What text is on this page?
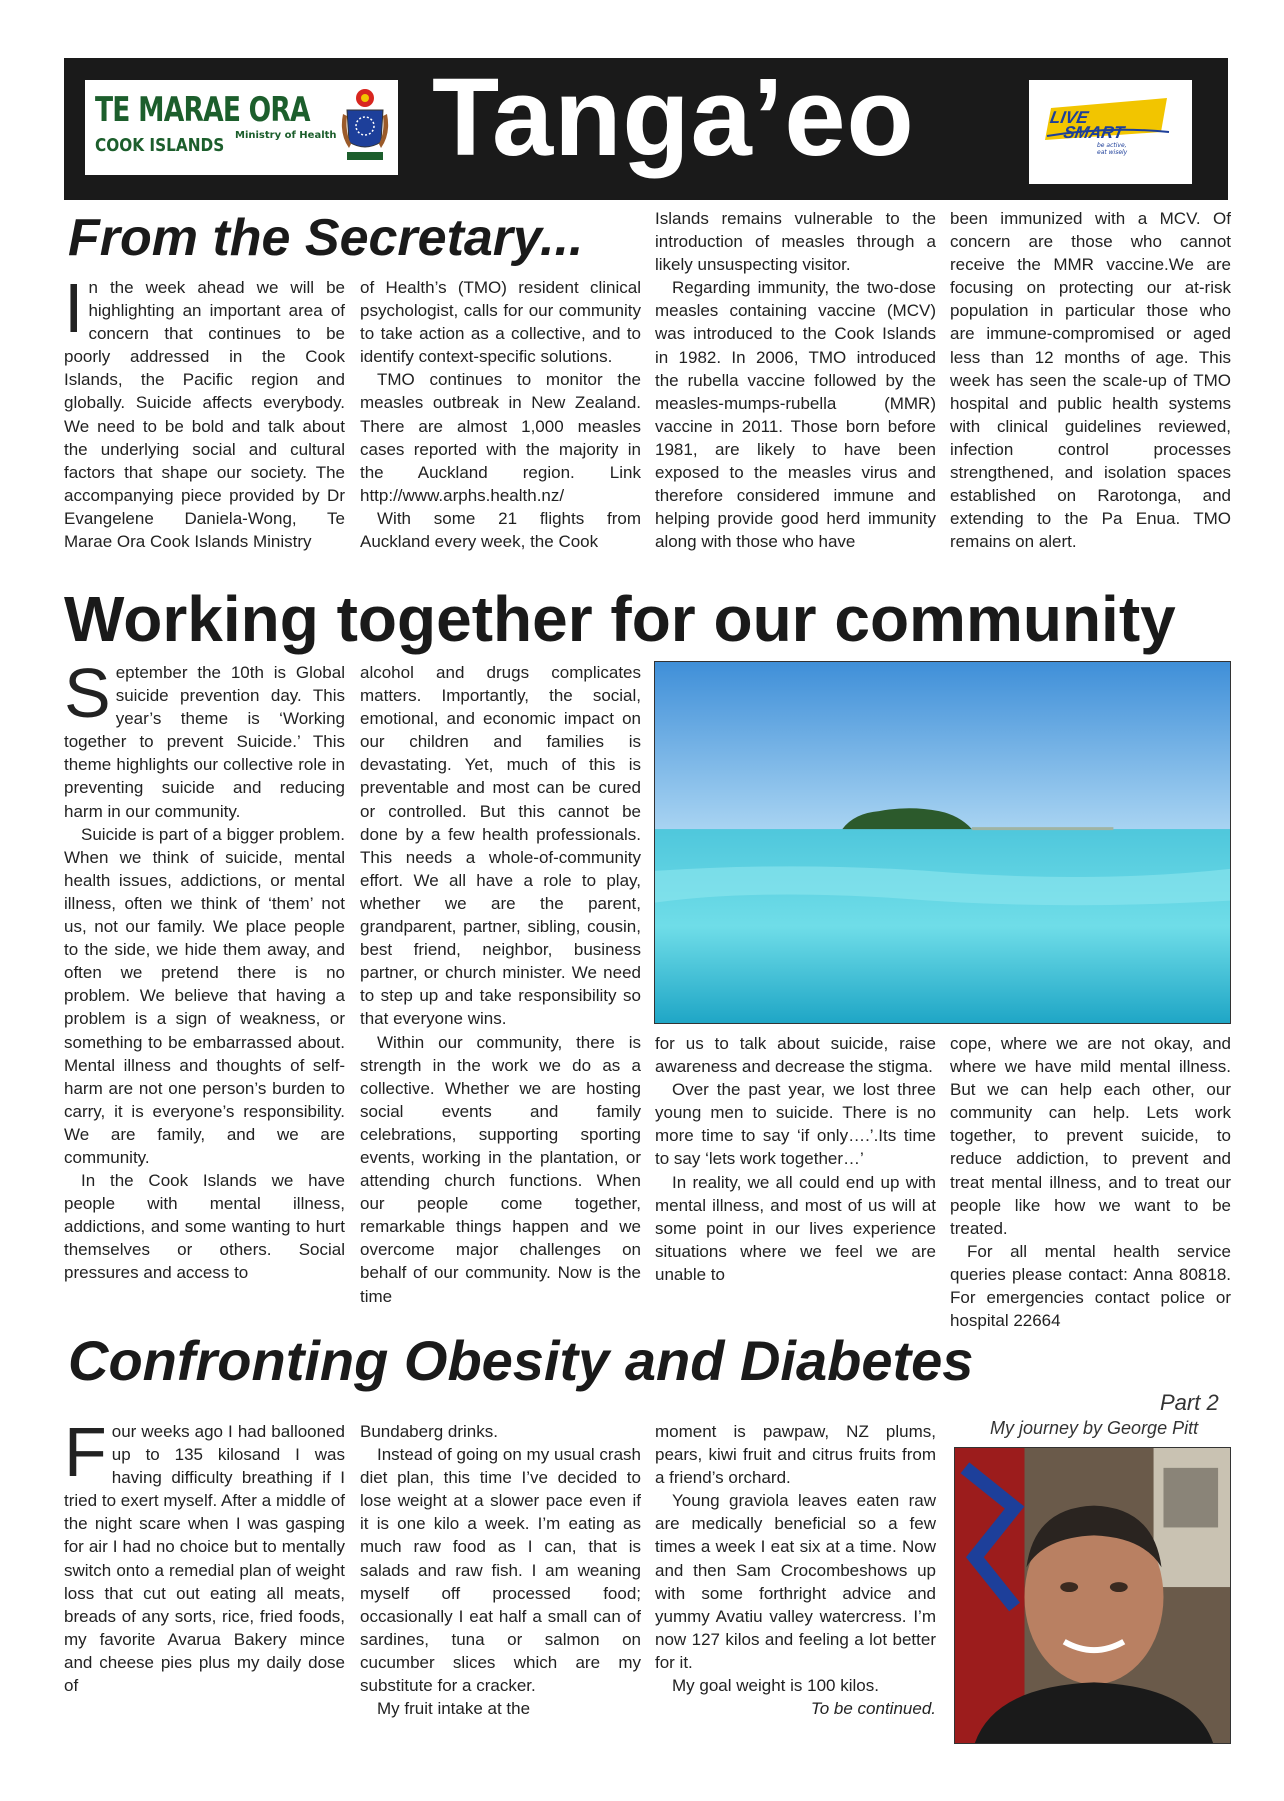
TE MARAE ORA
COOK ISLANDS Ministry of Health Tanga’eo	LIVE
SMART
be active,
eat wisely
From the Secretary...
I n the week ahead we will be highlighting an important area of concern that continues to be poorly addressed in the Cook Islands, the Pacific region and globally. Suicide affects everybody. We need to be bold and talk about the underlying social and cultural factors that shape our society. The accompanying piece provided by Dr Evangelene Daniela-Wong, Te Marae Ora Cook Islands Ministry

of Health’s (TMO) resident clinical psychologist, calls for our community to take action as a collective, and to identify context-specific solutions.

TMO continues to monitor the measles outbreak in New Zealand. There are almost 1,000 measles cases reported with the majority in the Auckland region. Link http://www.arphs.health.nz/

With some 21 flights from Auckland every week, the Cook

Islands remains vulnerable to the introduction of measles through a likely unsuspecting visitor.

Regarding immunity, the two-dose measles containing vaccine (MCV) was introduced to the Cook Islands in 1982. In 2006, TMO introduced the rubella vaccine followed by the measles-mumps-rubella (MMR) vaccine in 2011. Those born before 1981, are likely to have been exposed to the measles virus and therefore considered immune and helping provide good herd immunity along with those who have

been immunized with a MCV. Of concern are those who cannot receive the MMR vaccine.We are focusing on protecting our at-risk population in particular those who are immune-compromised or aged less than 12 months of age. This week has seen the scale-up of TMO hospital and public health systems with clinical guidelines reviewed, infection control processes strengthened, and isolation spaces established on Rarotonga, and extending to the Pa Enua. TMO remains on alert.

Working together for our community
S eptember the 10th is Global suicide prevention day. This year’s theme is ‘Working together to prevent Suicide.’ This theme highlights our collective role in preventing suicide and reducing harm in our community.

Suicide is part of a bigger problem. When we think of suicide, mental health issues, addictions, or mental illness, often we think of ‘them’ not us, not our family. We place people to the side, we hide them away, and often we pretend there is no problem. We believe that having a problem is a sign of weakness, or something to be embarrassed about. Mental illness and thoughts of self-harm are not one person’s burden to carry, it is everyone’s responsibility. We are family, and we are community.

In the Cook Islands we have people with mental illness, addictions, and some wanting to hurt themselves or others. Social pressures and access to

alcohol and drugs complicates matters. Importantly, the social, emotional, and economic impact on our children and families is devastating. Yet, much of this is preventable and most can be cured or controlled. But this cannot be done by a few health professionals. This needs a whole-of-community effort. We all have a role to play, whether we are the parent, grandparent, partner, sibling, cousin, best friend, neighbor, business partner, or church minister. We need to step up and take responsibility so that everyone wins.

Within our community, there is strength in the work we do as a collective. Whether we are hosting social events and family celebrations, supporting sporting events, working in the plantation, or attending church functions. When our people come together, remarkable things happen and we overcome major challenges on behalf of our community. Now is the time

for us to talk about suicide, raise awareness and decrease the stigma.

Over the past year, we lost three young men to suicide. There is no more time to say ‘if only….’.Its time to say ‘lets work together…’

In reality, we all could end up with mental illness, and most of us will at some point in our lives experience situations where we feel we are unable to

cope, where we are not okay, and where we have mild mental illness. But we can help each other, our community can help. Lets work together, to prevent suicide, to reduce addiction, to prevent and treat mental illness, and to treat our people like how we want to be treated.

For all mental health service queries please contact: Anna 80818. For emergencies contact police or hospital 22664

Confronting Obesity and Diabetes
Part 2
My journey by George Pitt
F our weeks ago I had ballooned up to 135 kilosand I was having difficulty breathing if I tried to exert myself. After a middle of the night scare when I was gasping for air I had no choice but to mentally switch onto a remedial plan of weight loss that cut out eating all meats, breads of any sorts, rice, fried foods, my favorite Avarua Bakery mince and cheese pies plus my daily dose of

Bundaberg drinks.

Instead of going on my usual crash diet plan, this time I’ve decided to lose weight at a slower pace even if it is one kilo a week. I’m eating as much raw food as I can, that is salads and raw fish. I am weaning myself off processed food; occasionally I eat half a small can of sardines, tuna or salmon on cucumber slices which are my substitute for a cracker.

My fruit intake at the

moment is pawpaw, NZ plums, pears, kiwi fruit and citrus fruits from a friend’s orchard.

Young graviola leaves eaten raw are medically beneficial so a few times a week I eat six at a time. Now and then Sam Crocombeshows up with some forthright advice and yummy Avatiu valley watercress. I’m now 127 kilos and feeling a lot better for it.

My goal weight is 100 kilos.

To be continued.
